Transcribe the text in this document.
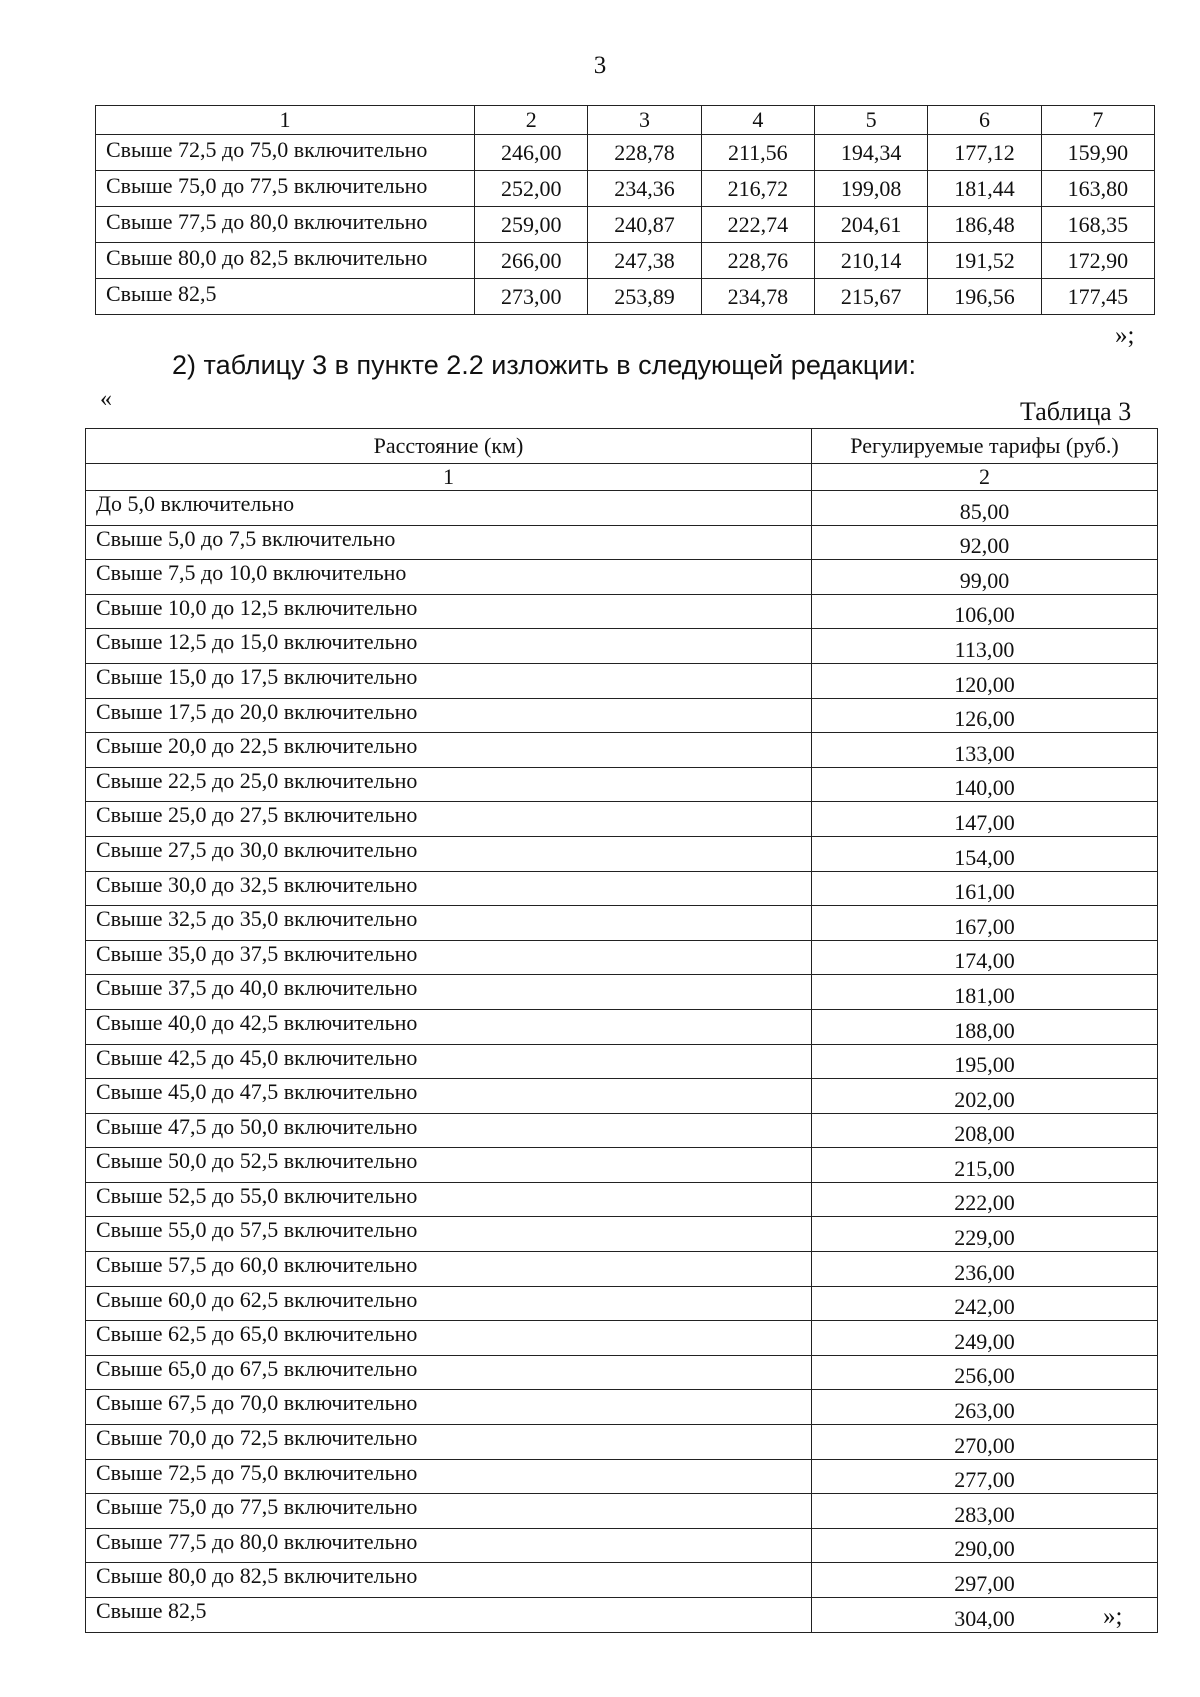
3
1	2	3	4	5	6	7
Свыше 72,5 до 75,0 включительно	246,00	228,78	211,56	194,34	177,12	159,90
Свыше 75,0 до 77,5 включительно	252,00	234,36	216,72	199,08	181,44	163,80
Свыше 77,5 до 80,0 включительно	259,00	240,87	222,74	204,61	186,48	168,35
Свыше 80,0 до 82,5 включительно	266,00	247,38	228,76	210,14	191,52	172,90
Свыше 82,5	273,00	253,89	234,78	215,67	196,56	177,45
»;
2) таблицу 3 в пункте 2.2 изложить в следующей редакции:
«	Таблица 3
Расстояние (км)	Регулируемые тарифы (руб.)
1	2
До 5,0 включительно	85,00
Свыше 5,0 до 7,5 включительно	92,00
Свыше 7,5 до 10,0 включительно	99,00
Свыше 10,0 до 12,5 включительно	106,00
Свыше 12,5 до 15,0 включительно	113,00
Свыше 15,0 до 17,5 включительно	120,00
Свыше 17,5 до 20,0 включительно	126,00
Свыше 20,0 до 22,5 включительно	133,00
Свыше 22,5 до 25,0 включительно	140,00
Свыше 25,0 до 27,5 включительно	147,00
Свыше 27,5 до 30,0 включительно	154,00
Свыше 30,0 до 32,5 включительно	161,00
Свыше 32,5 до 35,0 включительно	167,00
Свыше 35,0 до 37,5 включительно	174,00
Свыше 37,5 до 40,0 включительно	181,00
Свыше 40,0 до 42,5 включительно	188,00
Свыше 42,5 до 45,0 включительно	195,00
Свыше 45,0 до 47,5 включительно	202,00
Свыше 47,5 до 50,0 включительно	208,00
Свыше 50,0 до 52,5 включительно	215,00
Свыше 52,5 до 55,0 включительно	222,00
Свыше 55,0 до 57,5 включительно	229,00
Свыше 57,5 до 60,0 включительно	236,00
Свыше 60,0 до 62,5 включительно	242,00
Свыше 62,5 до 65,0 включительно	249,00
Свыше 65,0 до 67,5 включительно	256,00
Свыше 67,5 до 70,0 включительно	263,00
Свыше 70,0 до 72,5 включительно	270,00
Свыше 72,5 до 75,0 включительно	277,00
Свыше 75,0 до 77,5 включительно	283,00
Свыше 77,5 до 80,0 включительно	290,00
Свыше 80,0 до 82,5 включительно	297,00
Свыше 82,5	304,00	»;
